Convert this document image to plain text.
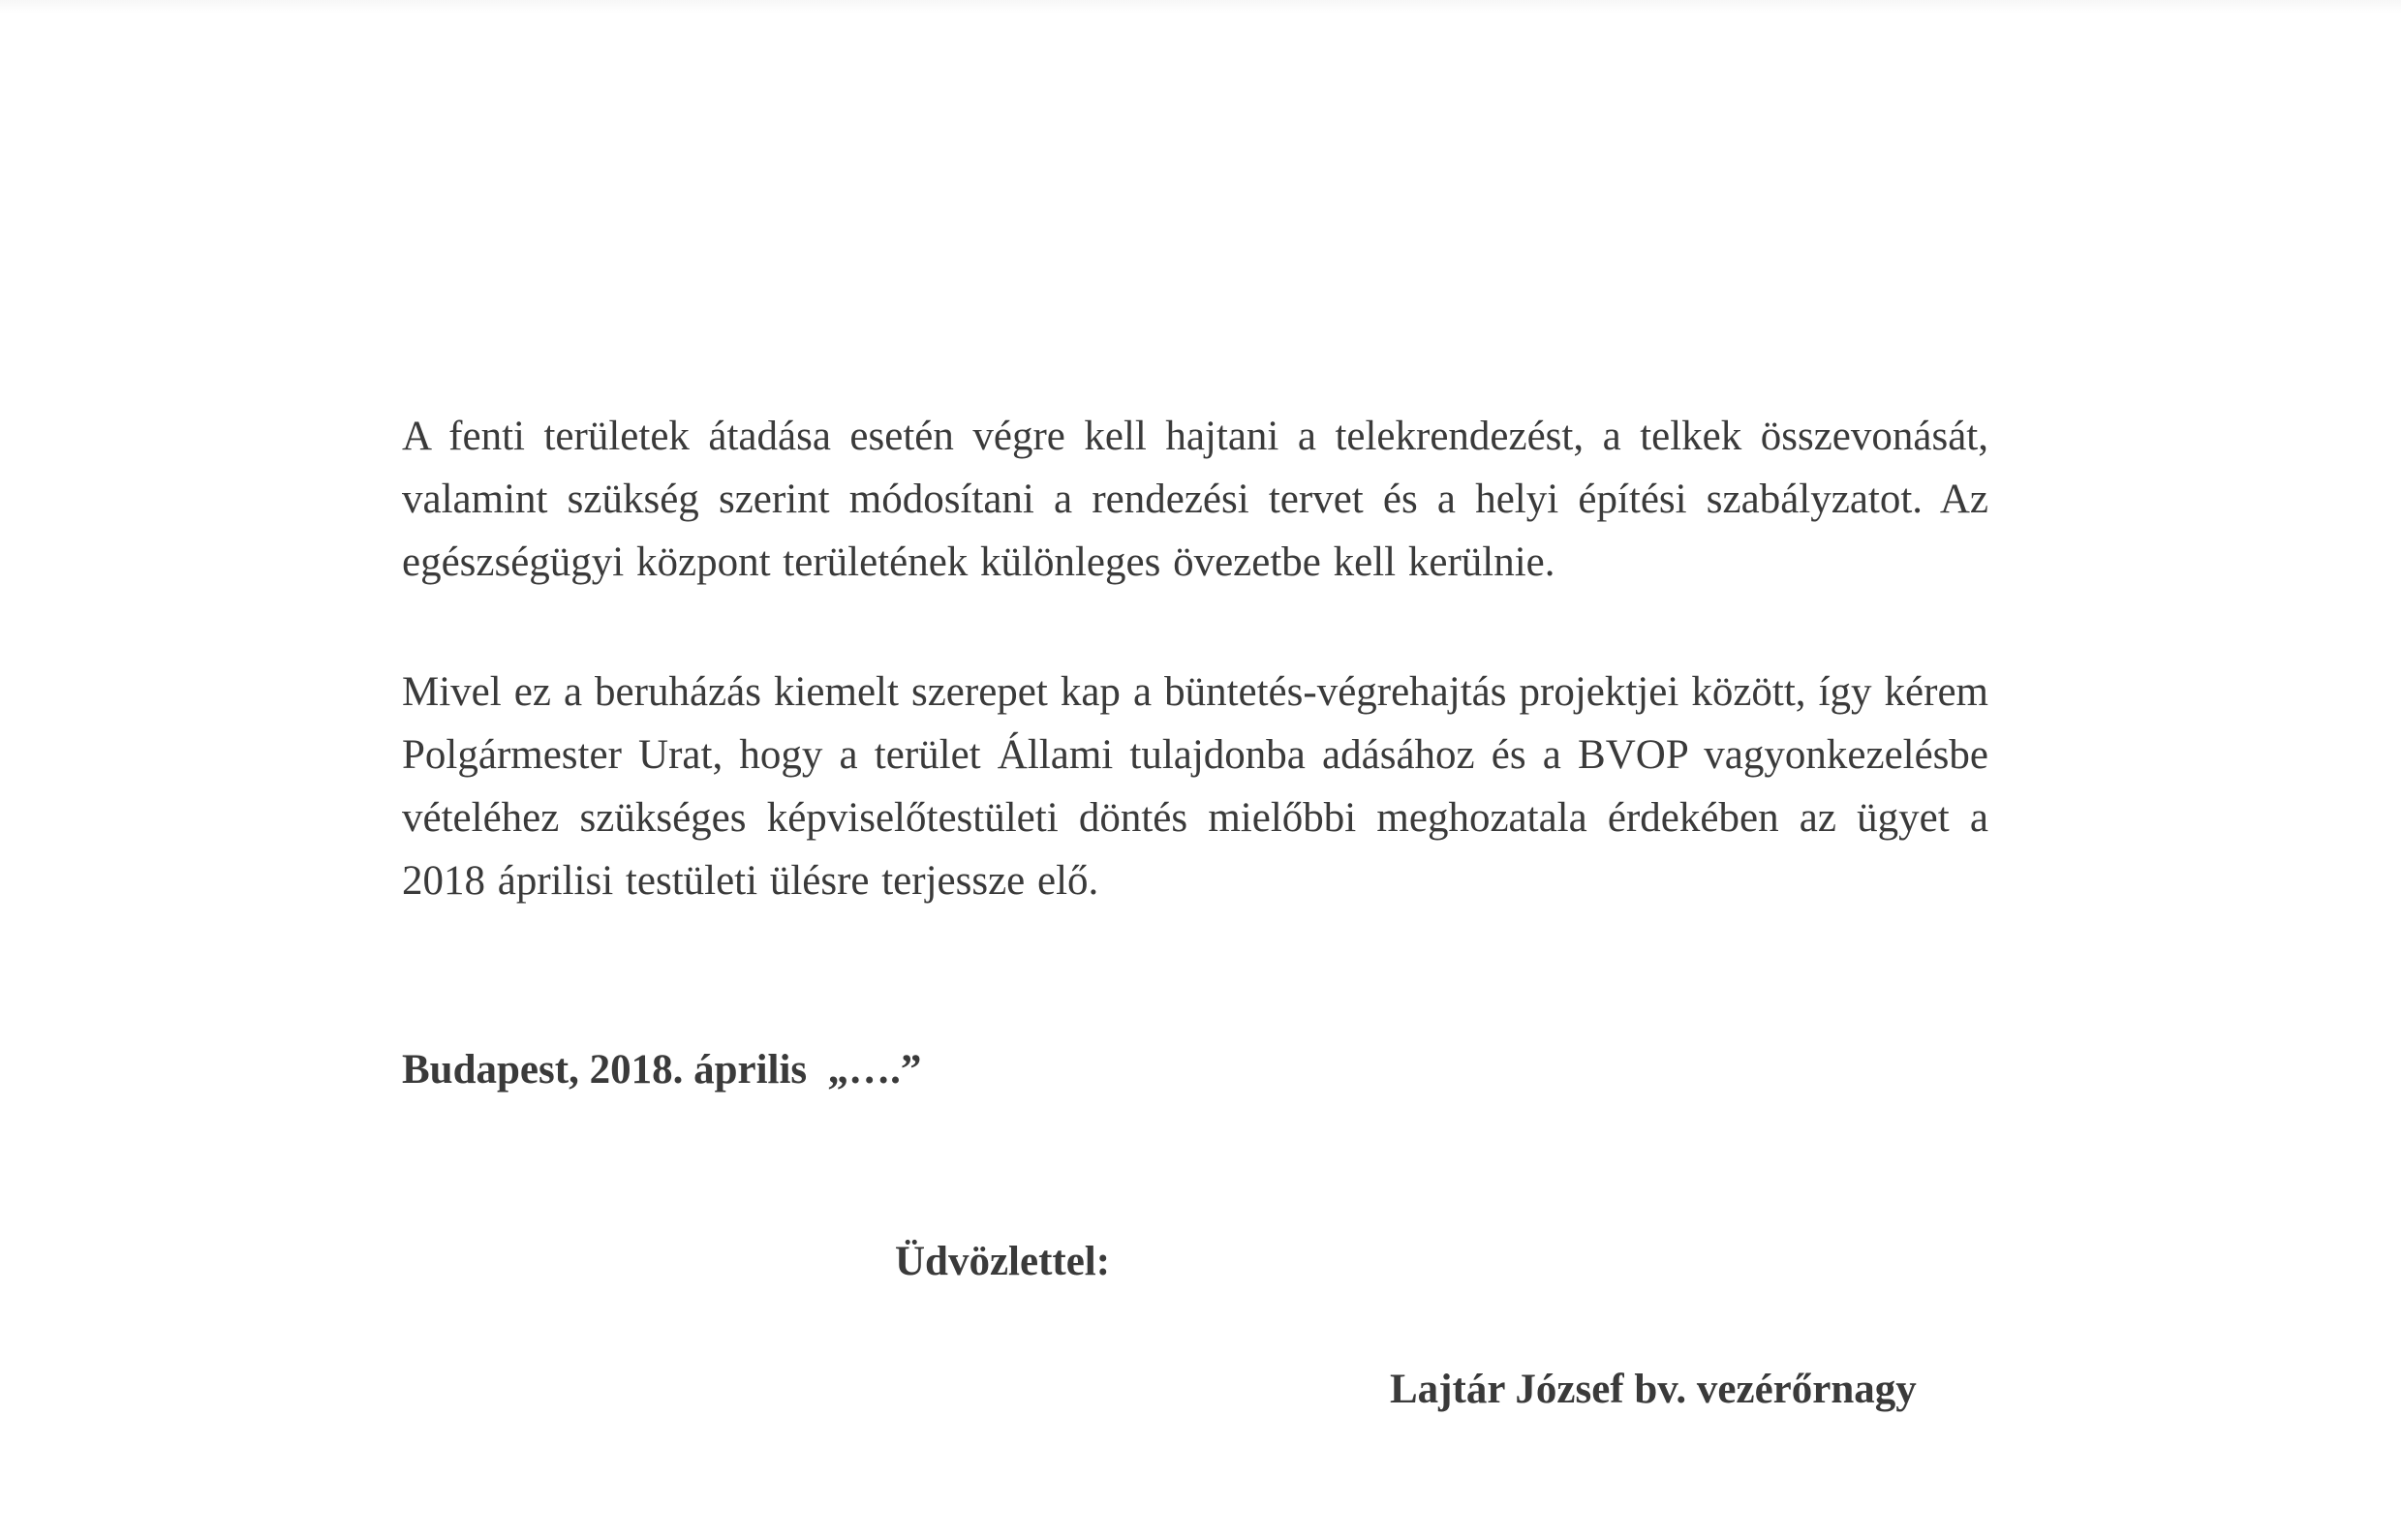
A fenti területek átadása esetén végre kell hajtani a telekrendezést, a telkek összevonását,
valamint szükség szerint módosítani a rendezési tervet és a helyi építési szabályzatot. Az
egészségügyi központ területének különleges övezetbe kell kerülnie.
Mivel ez a beruházás kiemelt szerepet kap a büntetés-végrehajtás projektjei között, így kérem
Polgármester Urat, hogy a terület Állami tulajdonba adásához és a BVOP vagyonkezelésbe
vételéhez szükséges képviselőtestületi döntés mielőbbi meghozatala érdekében az ügyet a
2018 áprilisi testületi ülésre terjessze elő.
Budapest, 2018. április  „….”
Üdvözlettel:
Lajtár József bv. vezérőrnagy
